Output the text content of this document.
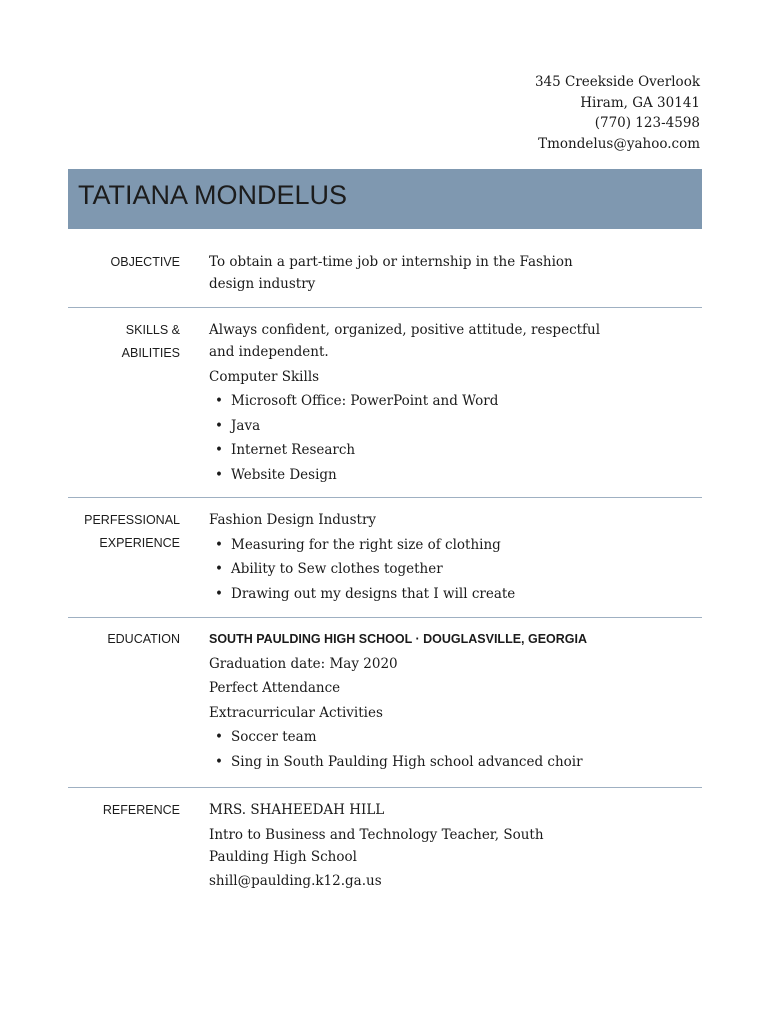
345 Creekside Overlook
Hiram, GA 30141
(770) 123-4598
Tmondelus@yahoo.com
TATIANA MONDELUS
OBJECTIVE To obtain a part-time job or internship in the Fashion design industry

SKILLS & ABILITIES

Always confident, organized, positive attitude, respectful and independent.

Computer Skills

• Microsoft Office: PowerPoint and Word
• Java
• Internet Research
• Website Design
PERFESSIONAL
EXPERIENCE

Fashion Design Industry

• Measuring for the right size of clothing
• Ability to Sew clothes together
• Drawing out my designs that I will create
EDUCATION SOUTH PAULDING HIGH SCHOOL · DOUGLASVILLE, GEORGIA

Graduation date: May 2020

Perfect Attendance

Extracurricular Activities

• Soccer team
• Sing in South Paulding High school advanced choir
REFERENCE MRS. SHAHEEDAH HILL

Intro to Business and Technology Teacher, South Paulding High School

shill@paulding.k12.ga.us
